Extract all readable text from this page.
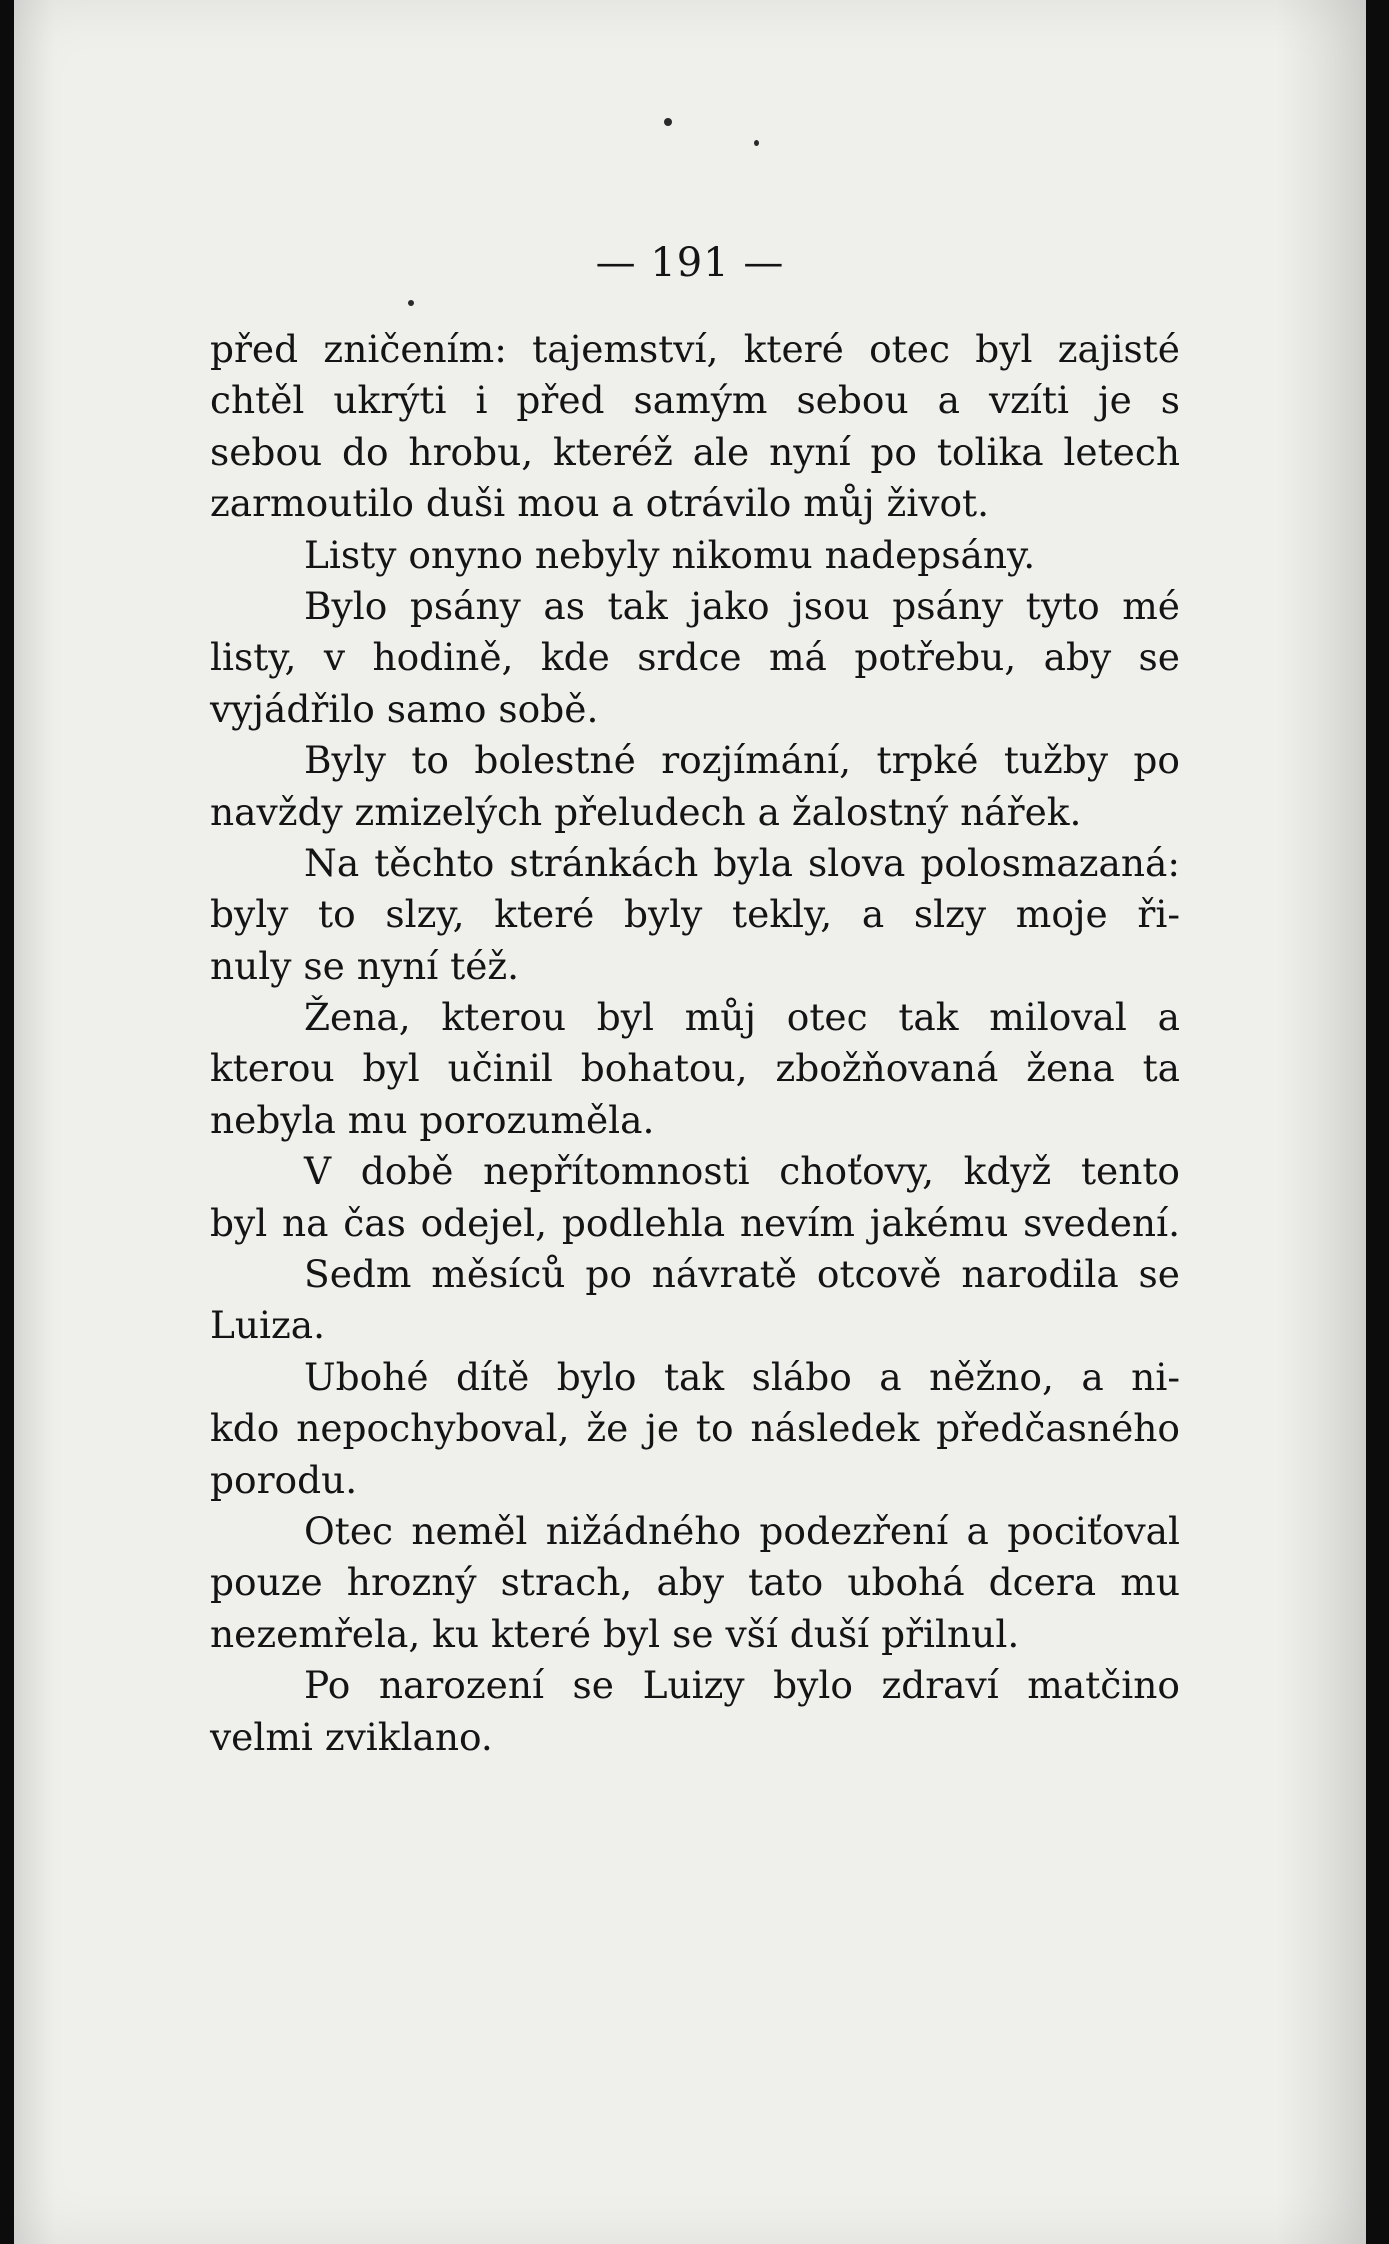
— 191 —
před zničením: tajemství, které otec byl zajisté
chtěl ukrýti i před samým sebou a vzíti je s
sebou do hrobu, kteréž ale nyní po tolika letech
zarmoutilo duši mou a otrávilo můj život.
Listy onyno nebyly nikomu nadepsány.
Bylo psány as tak jako jsou psány tyto mé
listy, v hodině, kde srdce má potřebu, aby se
vyjádřilo samo sobě.
Byly to bolestné rozjímání, trpké tužby po
navždy zmizelých přeludech a žalostný nářek.
Na těchto stránkách byla slova polosmazaná:
byly to slzy, které byly tekly, a slzy moje ři-
nuly se nyní též.
Žena, kterou byl můj otec tak miloval a
kterou byl učinil bohatou, zbožňovaná žena ta
nebyla mu porozuměla.
V době nepřítomnosti choťovy, když tento
byl na čas odejel, podlehla nevím jakému svedení.
Sedm měsíců po návratě otcově narodila se
Luiza.
Ubohé dítě bylo tak slábo a něžno, a ni-
kdo nepochyboval, že je to následek předčasného
porodu.
Otec neměl nižádného podezření a pociťoval
pouze hrozný strach, aby tato ubohá dcera mu
nezemřela, ku které byl se vší duší přilnul.
Po narození se Luizy bylo zdraví matčino
velmi zviklano.
